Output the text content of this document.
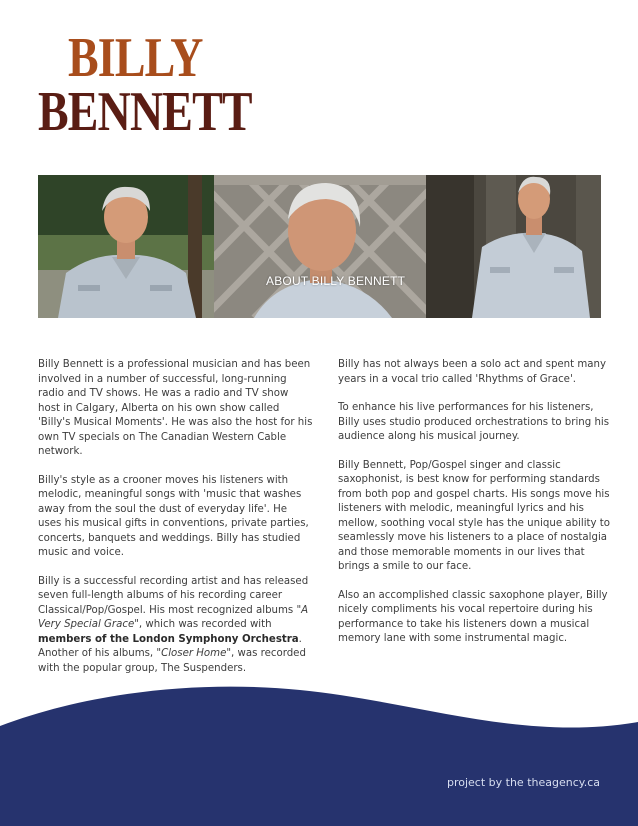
BILLY
BENNETT
ABOUT BILLY BENNETT

Billy Bennett is a professional musician and has been involved in a number of successful, long-running radio and TV shows. He was a radio and TV show host in Calgary, Alberta on his own show called 'Billy's Musical Moments'. He was also the host for his own TV specials on The Canadian Western Cable network.

Billy's style as a crooner moves his listeners with melodic, meaningful songs with 'music that washes away from the soul the dust of everyday life'. He uses his musical gifts in conventions, private parties, concerts, banquets and weddings. Billy has studied music and voice.

Billy is a successful recording artist and has released seven full-length albums of his recording career Classical/Pop/Gospel. His most recognized albums "A Very Special Grace", which was recorded with members of the London Symphony Orchestra. Another of his albums, "Closer Home", was recorded with the popular group, The Suspenders.

Billy has not always been a solo act and spent many years in a vocal trio called 'Rhythms of Grace'.

To enhance his live performances for his listeners, Billy uses studio produced orchestrations to bring his audience along his musical journey.

Billy Bennett, Pop/Gospel singer and classic saxophonist, is best know for performing standards from both pop and gospel charts. His songs move his listeners with melodic, meaningful lyrics and his mellow, soothing vocal style has the unique ability to seamlessly move his listeners to a place of nostalgia and those memorable moments in our lives that brings a smile to our face.

Also an accomplished classic saxophone player, Billy nicely compliments his vocal repertoire during his performance to take his listeners down a musical memory lane with some instrumental magic.

project by the theagency.ca
